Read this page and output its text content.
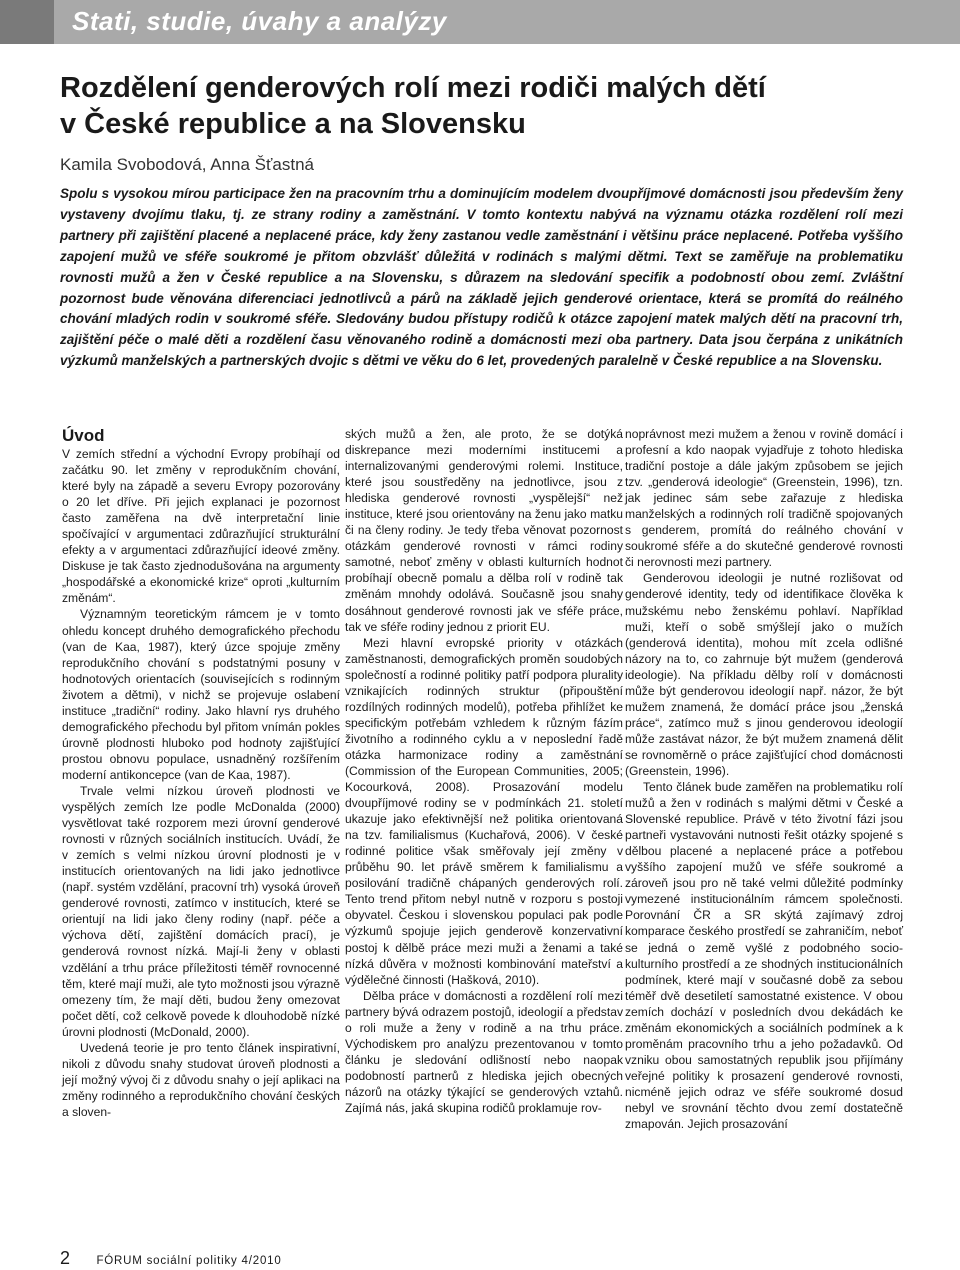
Stati, studie, úvahy a analýzy
Rozdělení genderových rolí mezi rodiči malých dětí
v České republice a na Slovensku
Kamila Svobodová, Anna Šťastná
Spolu s vysokou mírou participace žen na pracovním trhu a dominujícím modelem dvoupříjmové domácnosti jsou především ženy vystaveny dvojímu tlaku, tj. ze strany rodiny a zaměstnání. V tomto kontextu nabývá na významu otázka rozdělení rolí mezi partnery při zajištění placené a neplacené práce, kdy ženy zastanou vedle zaměstnání i většinu práce neplacené. Potřeba vyššího zapojení mužů ve sféře soukromé je přitom obzvlášť důležitá v rodinách s malými dětmi. Text se zaměřuje na problematiku rovnosti mužů a žen v České republice a na Slovensku, s důrazem na sledování specifik a podobností obou zemí. Zvláštní pozornost bude věnována diferenciaci jednotlivců a párů na základě jejich genderové orientace, která se promítá do reálného chování mladých rodin v soukromé sféře. Sledovány budou přístupy rodičů k otázce zapojení matek malých dětí na pracovní trh, zajištění péče o malé děti a rozdělení času věnovaného rodině a domácnosti mezi oba partnery. Data jsou čerpána z unikátních výzkumů manželských a partnerských dvojic s dětmi ve věku do 6 let, provedených paralelně v České republice a na Slovensku.

Úvod

V zemích střední a východní Evropy probíhají od začátku 90. let změny v reprodukčním chování, které byly na západě a severu Evropy pozorovány o 20 let dříve. Při jejich explanaci je pozornost často zaměřena na dvě interpretační linie spočívající v argumentaci zdůrazňující strukturální efekty a v argumentaci zdůrazňující ideové změny. Diskuse je tak často zjednodušována na argumenty „hospodářské a ekonomické krize“ oproti „kulturním změnám“.

Významným teoretickým rámcem je v tomto ohledu koncept druhého demografického přechodu (van de Kaa, 1987), který úzce spojuje změny reprodukčního chování s podstatnými posuny v hodnotových orientacích (souvisejících s rodinným životem a dětmi), v nichž se projevuje oslabení instituce „tradiční“ rodiny. Jako hlavní rys druhého demografického přechodu byl přitom vnímán pokles úrovně plodnosti hluboko pod hodnoty zajišťující prostou obnovu populace, usnadněný rozšířením moderní antikoncepce (van de Kaa, 1987).

Trvale velmi nízkou úroveň plodnosti ve vyspělých zemích lze podle McDonalda (2000) vysvětlovat také rozporem mezi úrovní genderové rovnosti v různých sociálních institucích. Uvádí, že v zemích s velmi nízkou úrovní plodnosti je v institucích orientovaných na lidi jako jednotlivce (např. systém vzdělání, pracovní trh) vysoká úroveň genderové rovnosti, zatímco v institucích, které se orientují na lidi jako členy rodiny (např. péče a výchova dětí, zajištění domácích prací), je genderová rovnost nízká. Mají-li ženy v oblasti vzdělání a trhu práce příležitosti téměř rovnocenné těm, které mají muži, ale tyto možnosti jsou výrazně omezeny tím, že mají děti, budou ženy omezovat počet dětí, což celkově povede k dlouhodobě nízké úrovni plodnosti (McDonald, 2000).

Uvedená teorie je pro tento článek inspirativní, nikoli z důvodu snahy studovat úroveň plodnosti a její možný vývoj či z důvodu snahy o její aplikaci na změny rodinného a reprodukčního chování českých a sloven-

ských mužů a žen, ale proto, že se dotýká diskrepance mezi moderními institucemi a internalizovanými genderovými rolemi. Instituce, které jsou soustředěny na jednotlivce, jsou z hlediska genderové rovnosti „vyspělejší“ než instituce, které jsou orientovány na ženu jako matku či na členy rodiny. Je tedy třeba věnovat pozornost otázkám genderové rovnosti v rámci rodiny samotné, neboť změny v oblasti kulturních hodnot probíhají obecně pomalu a dělba rolí v rodině tak změnám mnohdy odolává. Současně jsou snahy dosáhnout genderové rovnosti jak ve sféře práce, tak ve sféře rodiny jednou z priorit EU.

Mezi hlavní evropské priority v otázkách zaměstnanosti, demografických proměn soudobých společností a rodinné politiky patří podpora plurality vznikajících rodinných struktur (připouštění rozdílných rodinných modelů), potřeba přihlížet ke specifickým potřebám vzhledem k různým fázím životního a rodinného cyklu a v neposlední řadě otázka harmonizace rodiny a zaměstnání (Commission of the European Communities, 2005; Kocourková, 2008). Prosazování modelu dvoupříjmové rodiny se v podmínkách 21. století ukazuje jako efektivnější než politika orientovaná na tzv. familialismus (Kuchařová, 2006). V české rodinné politice však směřovaly její změny v průběhu 90. let právě směrem k familialismu a posilování tradičně chápaných genderových rolí. Tento trend přitom nebyl nutně v rozporu s postoji obyvatel. Českou i slovenskou populaci pak podle výzkumů spojuje jejich genderově konzervativní postoj k dělbě práce mezi muži a ženami a také nízká důvěra v možnosti kombinování mateřství a výdělečné činnosti (Hašková, 2010).

Dělba práce v domácnosti a rozdělení rolí mezi partnery bývá odrazem postojů, ideologií a představ o roli muže a ženy v rodině a na trhu práce. Východiskem pro analýzu prezentovanou v tomto článku je sledování odlišností nebo naopak podobností partnerů z hlediska jejich obecných názorů na otázky týkající se genderových vztahů. Zajímá nás, jaká skupina rodičů proklamuje rov-

noprávnost mezi mužem a ženou v rovině domácí i profesní a kdo naopak vyjadřuje z tohoto hlediska tradiční postoje a dále jakým způsobem se jejich tzv. „genderová ideologie“ (Greenstein, 1996), tzn. jak jedinec sám sebe zařazuje z hlediska manželských a rodinných rolí tradičně spojovaných s genderem, promítá do reálného chování v soukromé sféře a do skutečné genderové rovnosti či nerovnosti mezi partnery.

Genderovou ideologii je nutné rozlišovat od genderové identity, tedy od identifikace člověka k mužskému nebo ženskému pohlaví. Například muži, kteří o sobě smýšlejí jako o mužích (genderová identita), mohou mít zcela odlišné názory na to, co zahrnuje být mužem (genderová ideologie). Na příkladu dělby rolí v domácnosti může být genderovou ideologií např. názor, že být mužem znamená, že domácí práce jsou „ženská práce“, zatímco muž s jinou genderovou ideologií může zastávat názor, že být mužem znamená dělit se rovnoměrně o práce zajišťující chod domácnosti (Greenstein, 1996).

Tento článek bude zaměřen na problematiku rolí mužů a žen v rodinách s malými dětmi v České a Slovenské republice. Právě v této životní fázi jsou partneři vystavováni nutnosti řešit otázky spojené s dělbou placené a neplacené práce a potřebou vyššího zapojení mužů ve sféře soukromé a zároveň jsou pro ně také velmi důležité podmínky vymezené institucionálním rámcem společnosti. Porovnání ČR a SR skýtá zajímavý zdroj komparace českého prostředí se zahraničím, neboť se jedná o země vyšlé z podobného socio-kulturního prostředí a ze shodných institucionálních podmínek, které mají v současné době za sebou téměř dvě desetiletí samostatné existence. V obou zemích dochází v posledních dvou dekádách ke změnám ekonomických a sociálních podmínek a k proměnám pracovního trhu a jeho požadavků. Od vzniku obou samostatných republik jsou přijímány veřejné politiky k prosazení genderové rovnosti, nicméně jejich odraz ve sféře soukromé dosud nebyl ve srovnání těchto dvou zemí dostatečně zmapován. Jejich prosazování

2 FÓRUM sociální politiky 4/2010
